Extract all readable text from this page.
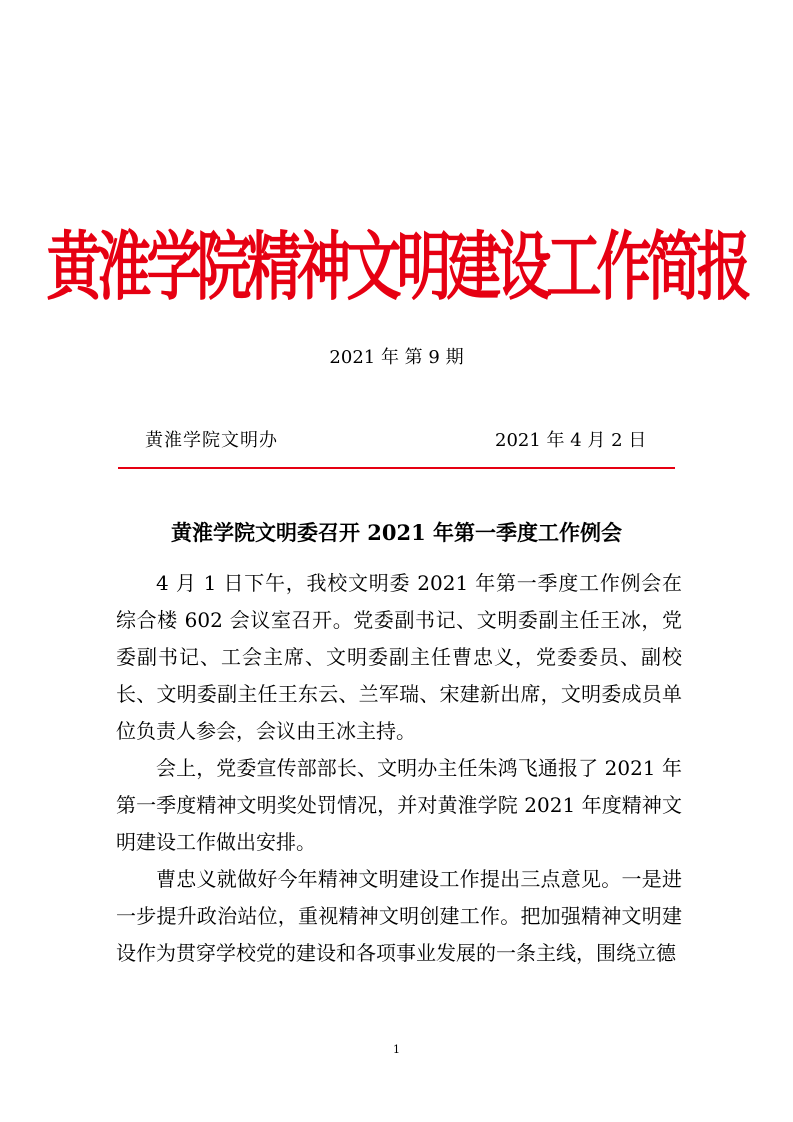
黄淮学院精神文明建设工作简报
2021 年 第 9 期
黄淮学院文明办	2021 年 4 月 2 日
黄淮学院文明委召开 2021 年第一季度工作例会

4 月 1 日下午，我校文明委 2021 年第一季度工作例会在综合楼 602 会议室召开。党委副书记、文明委副主任王冰，党委副书记、工会主席、文明委副主任曹忠义，党委委员、副校长、文明委副主任王东云、兰军瑞、宋建新出席，文明委成员单位负责人参会，会议由王冰主持。

会上，党委宣传部部长、文明办主任朱鸿飞通报了 2021 年第一季度精神文明奖处罚情况，并对黄淮学院 2021 年度精神文明建设工作做出安排。

曹忠义就做好今年精神文明建设工作提出三点意见。一是进一步提升政治站位，重视精神文明创建工作。把加强精神文明建设作为贯穿学校党的建设和各项事业发展的一条主线，围绕立德

1
